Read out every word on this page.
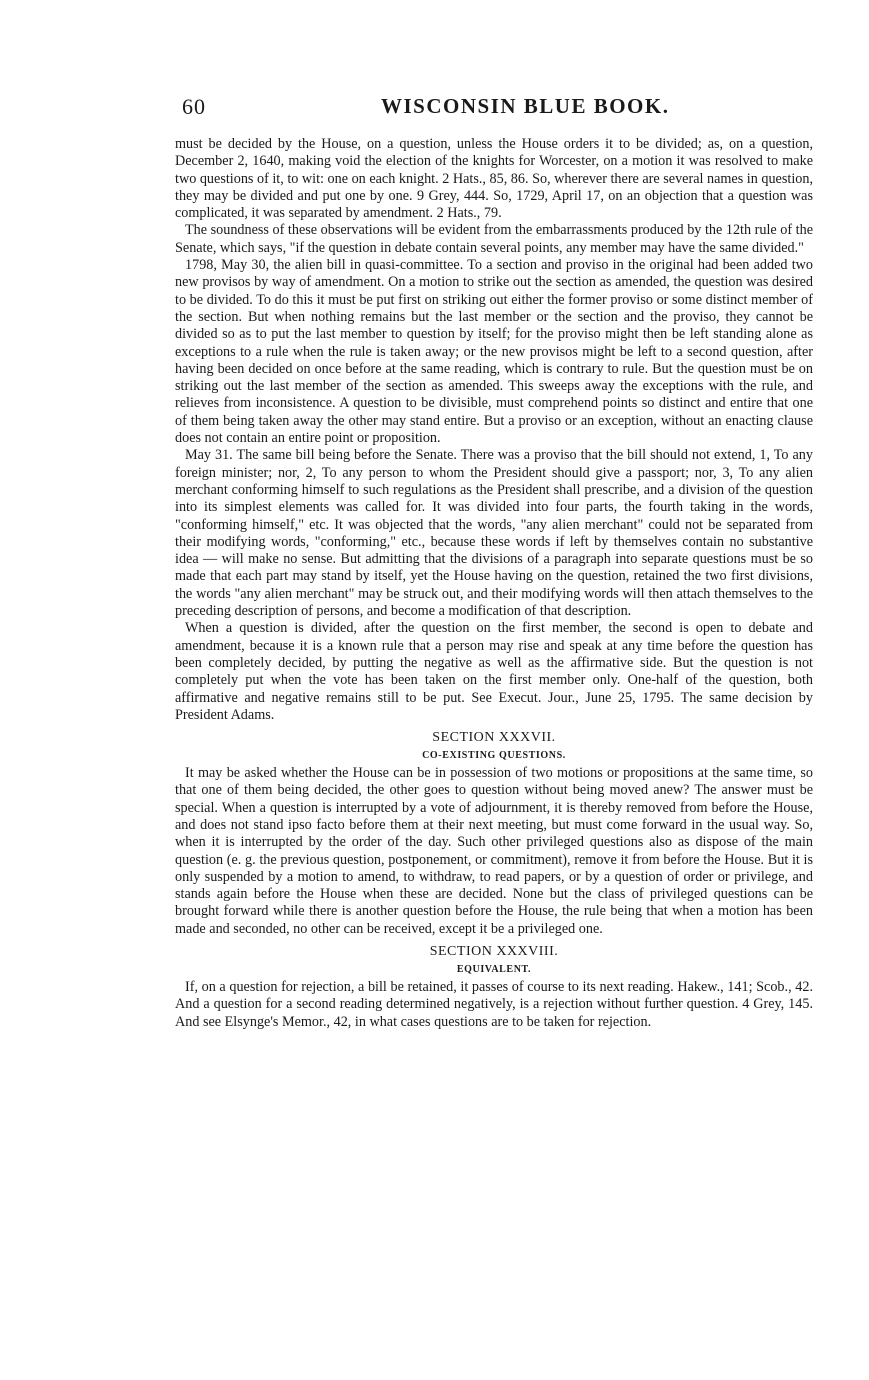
60	WISCONSIN BLUE BOOK.

must be decided by the House, on a question, unless the House orders it to be divided; as, on a question, December 2, 1640, making void the election of the knights for Worcester, on a motion it was resolved to make two questions of it, to wit: one on each knight. 2 Hats., 85, 86. So, wherever there are several names in question, they may be divided and put one by one. 9 Grey, 444. So, 1729, April 17, on an objection that a question was complicated, it was separated by amendment. 2 Hats., 79.

The soundness of these observations will be evident from the embarrassments produced by the 12th rule of the Senate, which says, "if the question in debate contain several points, any member may have the same divided."

1798, May 30, the alien bill in quasi-committee. To a section and proviso in the original had been added two new provisos by way of amendment. On a motion to strike out the section as amended, the question was desired to be divided. To do this it must be put first on striking out either the former proviso or some distinct member of the section. But when nothing remains but the last member or the section and the proviso, they cannot be divided so as to put the last member to question by itself; for the proviso might then be left standing alone as exceptions to a rule when the rule is taken away; or the new provisos might be left to a second question, after having been decided on once before at the same reading, which is contrary to rule. But the question must be on striking out the last member of the section as amended. This sweeps away the exceptions with the rule, and relieves from inconsistence. A question to be divisible, must comprehend points so distinct and entire that one of them being taken away the other may stand entire. But a proviso or an exception, without an enacting clause does not contain an entire point or proposition.

May 31. The same bill being before the Senate. There was a proviso that the bill should not extend, 1, To any foreign minister; nor, 2, To any person to whom the President should give a passport; nor, 3, To any alien merchant conforming himself to such regulations as the President shall prescribe, and a division of the question into its simplest elements was called for. It was divided into four parts, the fourth taking in the words, "conforming himself," etc. It was objected that the words, "any alien merchant" could not be separated from their modifying words, "conforming," etc., because these words if left by themselves contain no substantive idea — will make no sense. But admitting that the divisions of a paragraph into separate questions must be so made that each part may stand by itself, yet the House having on the question, retained the two first divisions, the words "any alien merchant" may be struck out, and their modifying words will then attach themselves to the preceding description of persons, and become a modification of that description.

When a question is divided, after the question on the first member, the second is open to debate and amendment, because it is a known rule that a person may rise and speak at any time before the question has been completely decided, by putting the negative as well as the affirmative side. But the question is not completely put when the vote has been taken on the first member only. One-half of the question, both affirmative and negative remains still to be put. See Execut. Jour., June 25, 1795. The same decision by President Adams.

SECTION XXXVII.
CO-EXISTING QUESTIONS.

It may be asked whether the House can be in possession of two motions or propositions at the same time, so that one of them being decided, the other goes to question without being moved anew? The answer must be special. When a question is interrupted by a vote of adjournment, it is thereby removed from before the House, and does not stand ipso facto before them at their next meeting, but must come forward in the usual way. So, when it is interrupted by the order of the day. Such other privileged questions also as dispose of the main question (e. g. the previous question, postponement, or commitment), remove it from before the House. But it is only suspended by a motion to amend, to withdraw, to read papers, or by a question of order or privilege, and stands again before the House when these are decided. None but the class of privileged questions can be brought forward while there is another question before the House, the rule being that when a motion has been made and seconded, no other can be received, except it be a privileged one.

SECTION XXXVIII.
EQUIVALENT.

If, on a question for rejection, a bill be retained, it passes of course to its next reading. Hakew., 141; Scob., 42. And a question for a second reading determined negatively, is a rejection without further question. 4 Grey, 145. And see Elsynge's Memor., 42, in what cases questions are to be taken for rejection.
